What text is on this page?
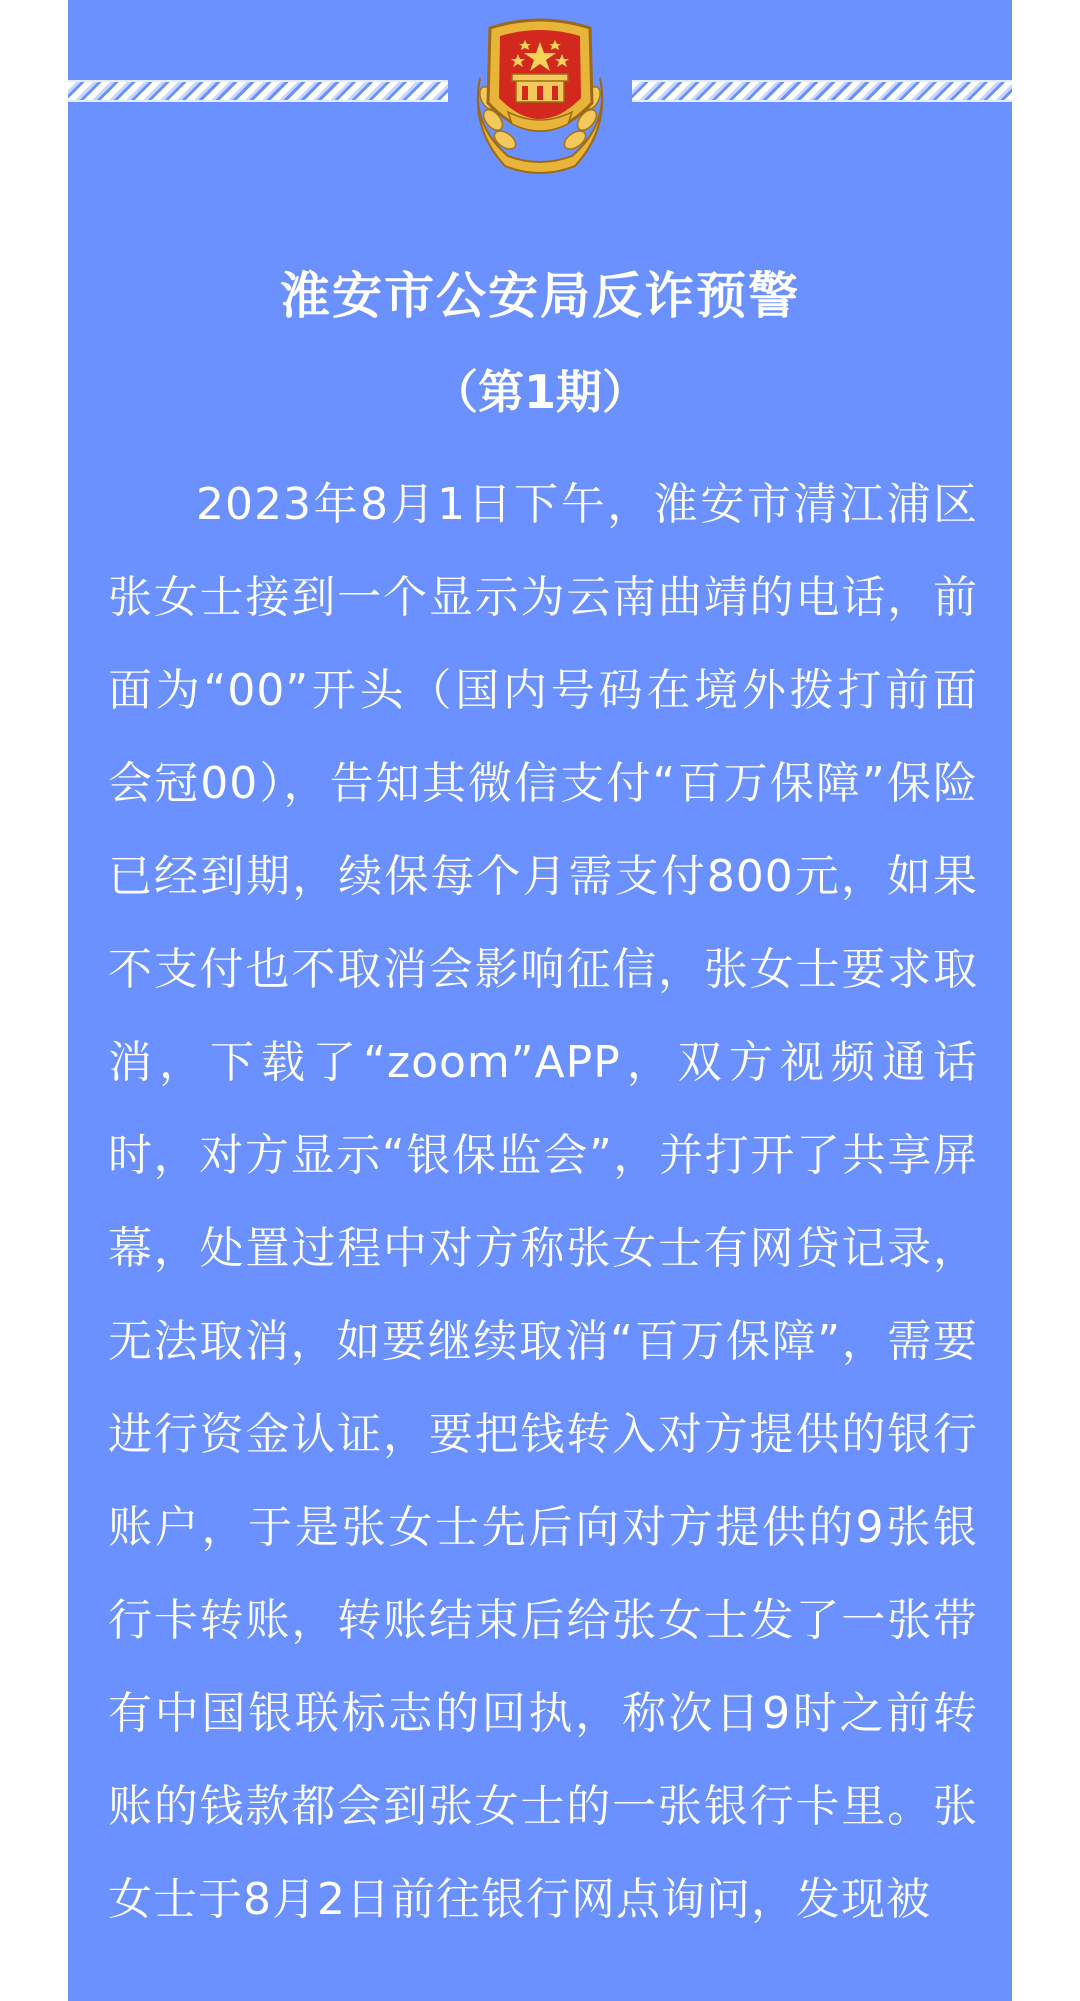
淮安市公安局反诈预警
（第1期）

2023年8月1日下午，淮安市清江浦区张女士接到一个显示为云南曲靖的电话，前面为“00”开头（国内号码在境外拨打前面会冠00），告知其微信支付“百万保障”保险已经到期，续保每个月需支付800元，如果不支付也不取消会影响征信，张女士要求取消，下载了“zoom”APP，双方视频通话时，对方显示“银保监会”，并打开了共享屏幕，处置过程中对方称张女士有网贷记录，无法取消，如要继续取消“百万保障”，需要进行资金认证，要把钱转入对方提供的银行账户，于是张女士先后向对方提供的9张银行卡转账，转账结束后给张女士发了一张带有中国银联标志的回执，称次日9时之前转账的钱款都会到张女士的一张银行卡里。张女士于8月2日前往银行网点询问，发现被
